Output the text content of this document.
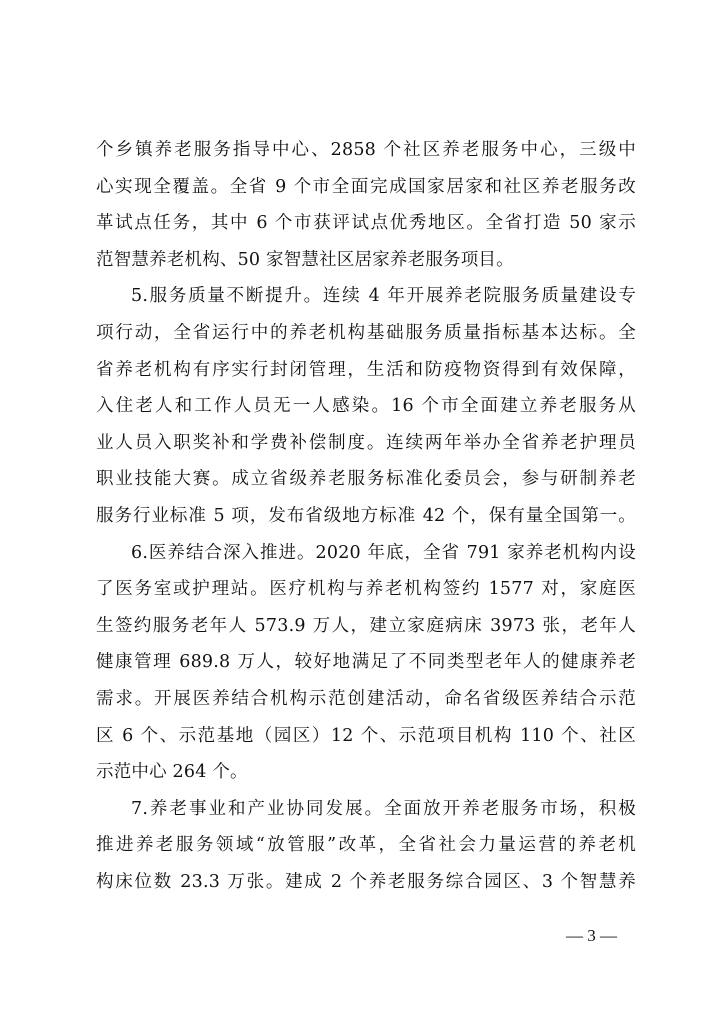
个乡镇养老服务指导中心、2858 个社区养老服务中心，三级中
心实现全覆盖。全省 9 个市全面完成国家居家和社区养老服务改
革试点任务，其中 6 个市获评试点优秀地区。全省打造 50 家示
范智慧养老机构、50 家智慧社区居家养老服务项目。
5.服务质量不断提升。连续 4 年开展养老院服务质量建设专
项行动，全省运行中的养老机构基础服务质量指标基本达标。全
省养老机构有序实行封闭管理，生活和防疫物资得到有效保障，
入住老人和工作人员无一人感染。16 个市全面建立养老服务从
业人员入职奖补和学费补偿制度。连续两年举办全省养老护理员
职业技能大赛。成立省级养老服务标准化委员会，参与研制养老
服务行业标准 5 项，发布省级地方标准 42 个，保有量全国第一。
6.医养结合深入推进。2020 年底，全省 791 家养老机构内设
了医务室或护理站。医疗机构与养老机构签约 1577 对，家庭医
生签约服务老年人 573.9 万人，建立家庭病床 3973 张，老年人
健康管理 689.8 万人，较好地满足了不同类型老年人的健康养老
需求。开展医养结合机构示范创建活动，命名省级医养结合示范
区 6 个、示范基地（园区）12 个、示范项目机构 110 个、社区
示范中心 264 个。
7.养老事业和产业协同发展。全面放开养老服务市场，积极
推进养老服务领域“放管服”改革，全省社会力量运营的养老机
构床位数 23.3 万张。建成 2 个养老服务综合园区、3 个智慧养
— 3 —
